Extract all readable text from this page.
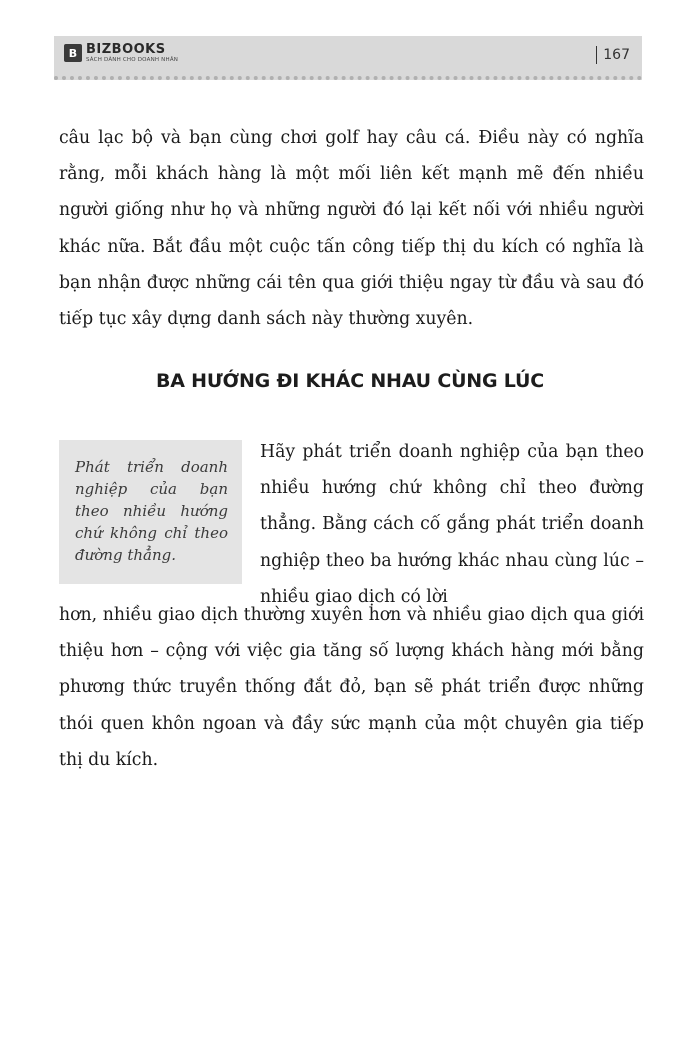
B BIZBOOKS
SÁCH DÀNH CHO DOANH NHÂN	167

câu lạc bộ và bạn cùng chơi golf hay câu cá. Điều này có nghĩa rằng, mỗi khách hàng là một mối liên kết mạnh mẽ đến nhiều người giống như họ và những người đó lại kết nối với nhiều người khác nữa. Bắt đầu một cuộc tấn công tiếp thị du kích có nghĩa là bạn nhận được những cái tên qua giới thiệu ngay từ đầu và sau đó tiếp tục xây dựng danh sách này thường xuyên.

BA HƯỚNG ĐI KHÁC NHAU CÙNG LÚC

Phát triển doanh nghiệp của bạn theo nhiều hướng chứ không chỉ theo đường thẳng.

Hãy phát triển doanh nghiệp của bạn theo nhiều hướng chứ không chỉ theo đường thẳng. Bằng cách cố gắng phát triển doanh nghiệp theo ba hướng khác nhau cùng lúc – nhiều giao dịch có lời

hơn, nhiều giao dịch thường xuyên hơn và nhiều giao dịch qua giới thiệu hơn – cộng với việc gia tăng số lượng khách hàng mới bằng phương thức truyền thống đắt đỏ, bạn sẽ phát triển được những thói quen khôn ngoan và đầy sức mạnh của một chuyên gia tiếp thị du kích.
